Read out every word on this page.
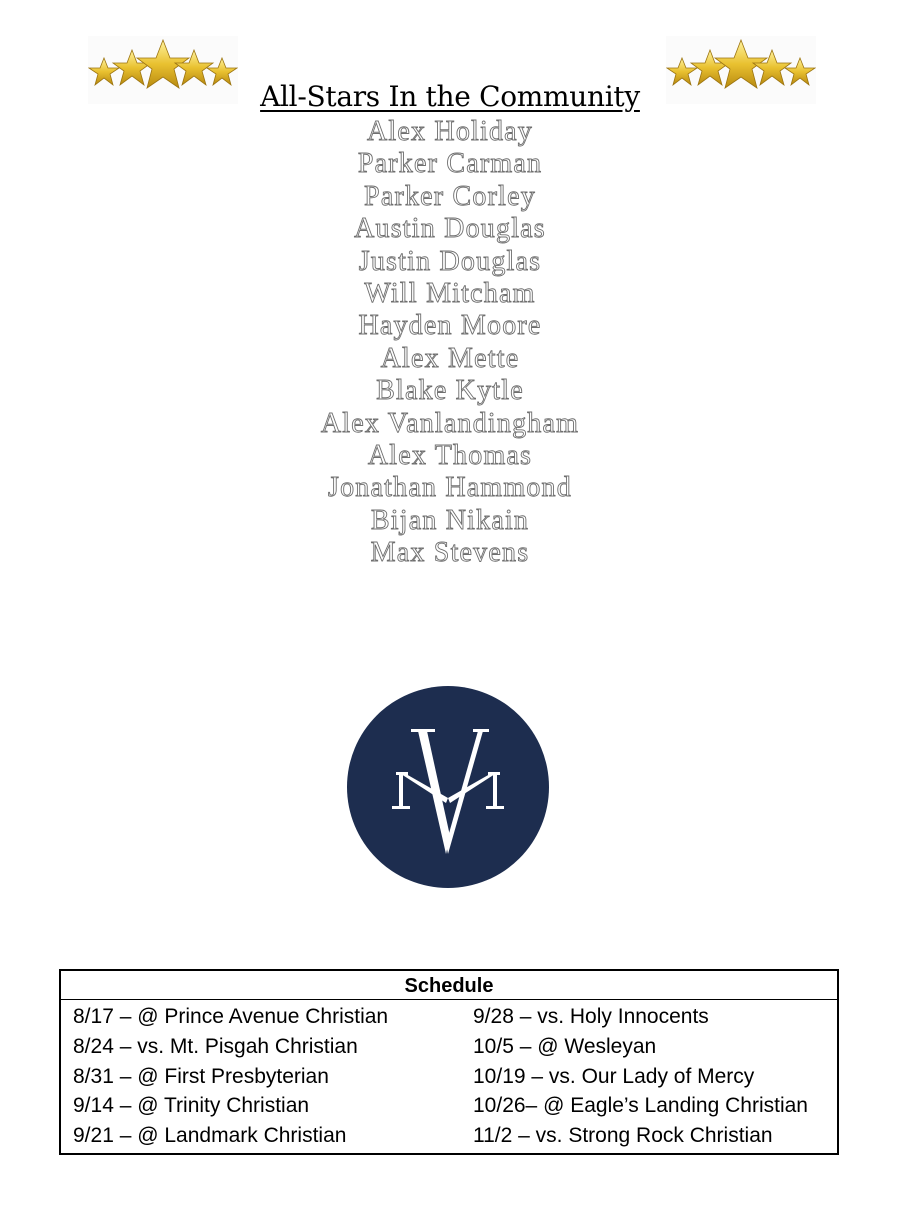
All-Stars In the Community
Alex Holiday
Parker Carman
Parker Corley
Austin Douglas
Justin Douglas
Will Mitcham
Hayden Moore
Alex Mette
Blake Kytle
Alex Vanlandingham
Alex Thomas
Jonathan Hammond
Bijan Nikain
Max Stevens
Schedule
8/17 – @ Prince Avenue Christian
8/24 – vs. Mt. Pisgah Christian
8/31 – @ First Presbyterian
9/14 – @ Trinity Christian
9/21 – @ Landmark Christian
9/28 – vs. Holy Innocents
10/5 – @ Wesleyan
10/19 – vs. Our Lady of Mercy
10/26– @ Eagle’s Landing Christian
11/2 – vs. Strong Rock Christian
